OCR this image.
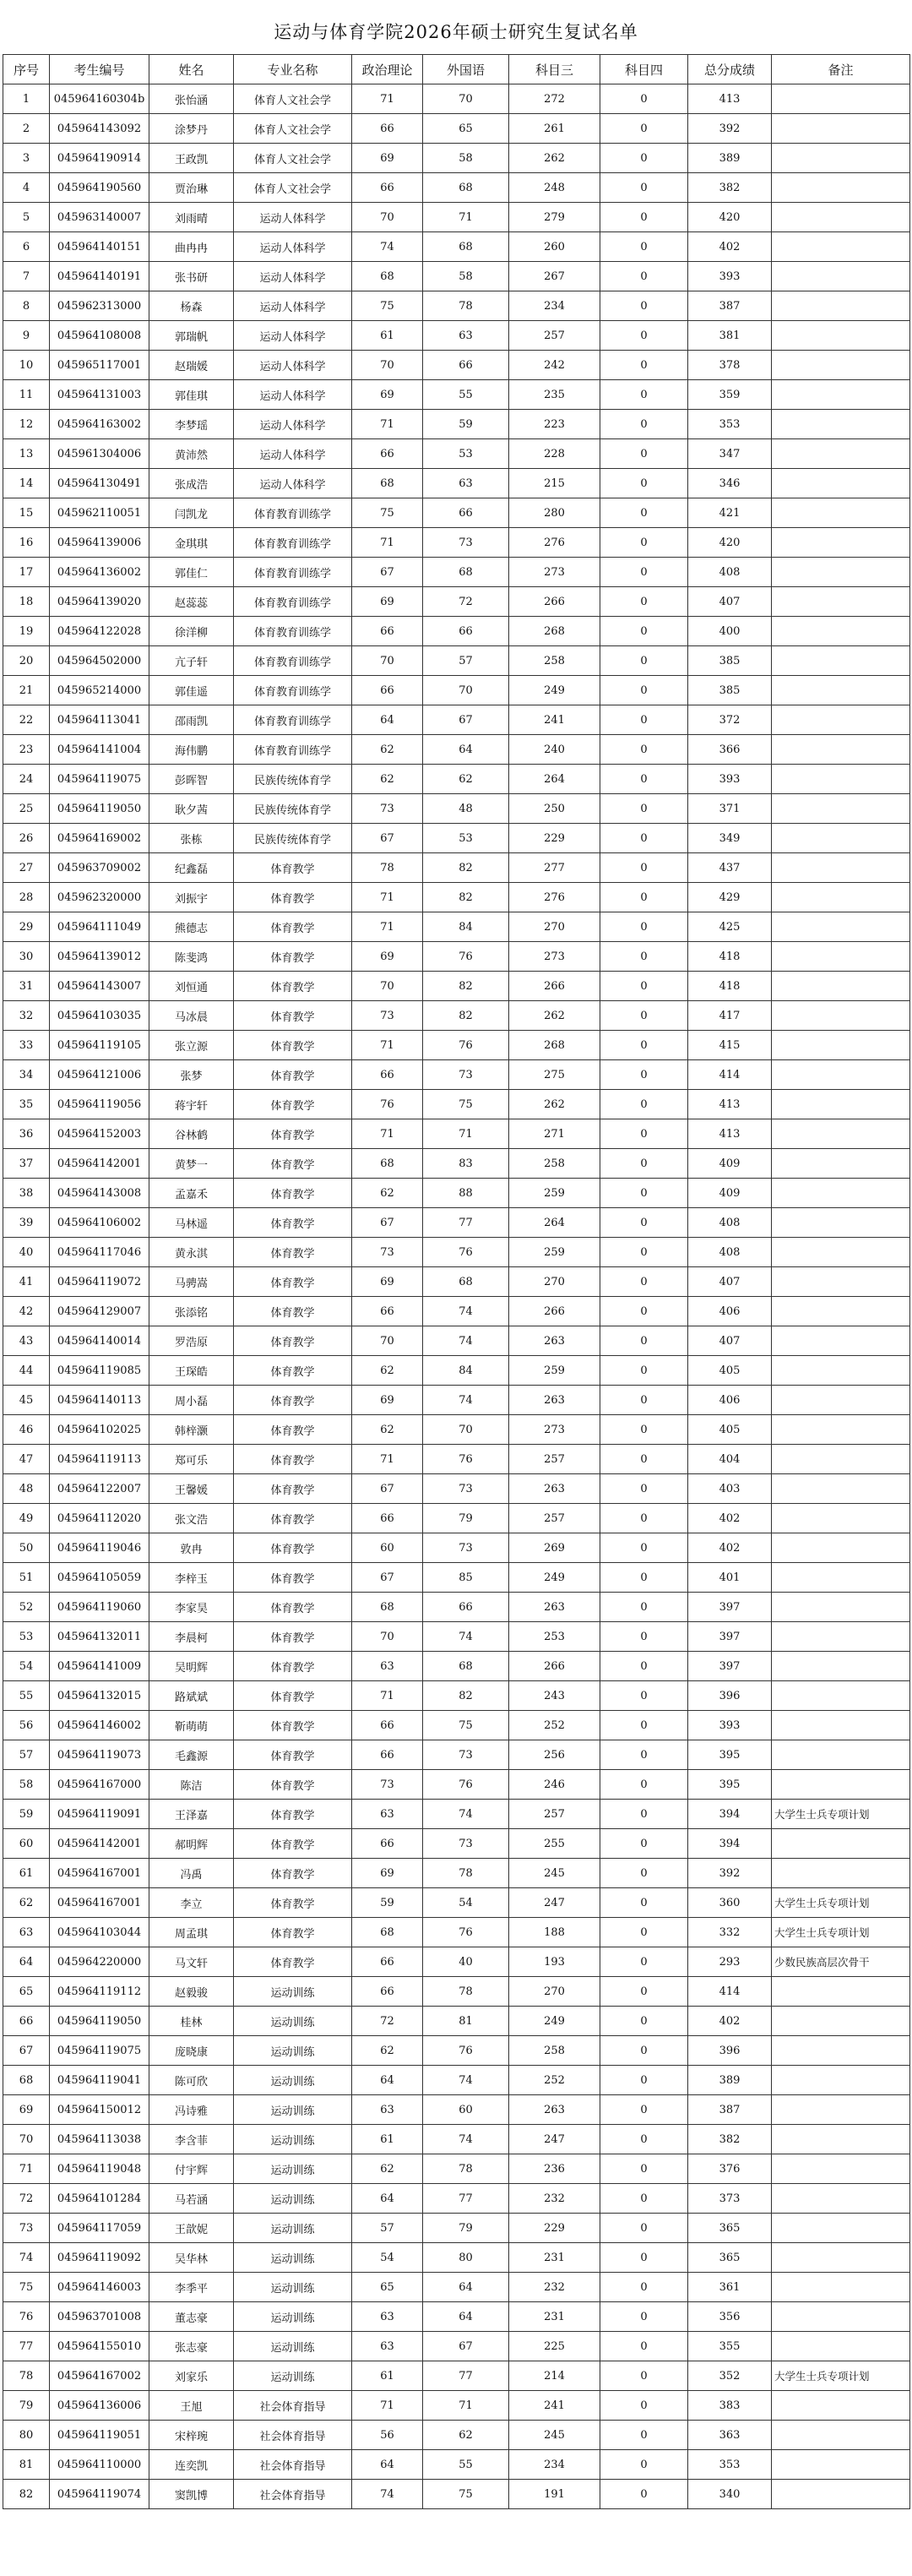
运动与体育学院2026年硕士研究生复试名单
序号	考生编号	姓名	专业名称	政治理论	外国语	科目三	科目四	总分成绩	备注
1	045964160304b	张怡涵	体育人文社会学	71	70	272	0	413	
2	045964143092	涂梦丹	体育人文社会学	66	65	261	0	392	
3	045964190914	王政凯	体育人文社会学	69	58	262	0	389	
4	045964190560	贾治琳	体育人文社会学	66	68	248	0	382	
5	045963140007	刘雨晴	运动人体科学	70	71	279	0	420	
6	045964140151	曲冉冉	运动人体科学	74	68	260	0	402	
7	045964140191	张书研	运动人体科学	68	58	267	0	393	
8	045962313000	杨森	运动人体科学	75	78	234	0	387	
9	045964108008	郭瑞帆	运动人体科学	61	63	257	0	381	
10	045965117001	赵瑞媛	运动人体科学	70	66	242	0	378	
11	045964131003	郭佳琪	运动人体科学	69	55	235	0	359	
12	045964163002	李梦瑶	运动人体科学	71	59	223	0	353	
13	045961304006	黄沛然	运动人体科学	66	53	228	0	347	
14	045964130491	张成浩	运动人体科学	68	63	215	0	346	
15	045962110051	闫凯龙	体育教育训练学	75	66	280	0	421	
16	045964139006	金琪琪	体育教育训练学	71	73	276	0	420	
17	045964136002	郭佳仁	体育教育训练学	67	68	273	0	408	
18	045964139020	赵蕊蕊	体育教育训练学	69	72	266	0	407	
19	045964122028	徐洋柳	体育教育训练学	66	66	268	0	400	
20	045964502000	亢子轩	体育教育训练学	70	57	258	0	385	
21	045965214000	郭佳遥	体育教育训练学	66	70	249	0	385	
22	045964113041	邵雨凯	体育教育训练学	64	67	241	0	372	
23	045964141004	海伟鹏	体育教育训练学	62	64	240	0	366	
24	045964119075	彭晖智	民族传统体育学	62	62	264	0	393	
25	045964119050	耿夕茜	民族传统体育学	73	48	250	0	371	
26	045964169002	张栋	民族传统体育学	67	53	229	0	349	
27	045963709002	纪鑫磊	体育教学	78	82	277	0	437	
28	045962320000	刘振宇	体育教学	71	82	276	0	429	
29	045964111049	熊德志	体育教学	71	84	270	0	425	
30	045964139012	陈斐鸿	体育教学	69	76	273	0	418	
31	045964143007	刘恒通	体育教学	70	82	266	0	418	
32	045964103035	马冰晨	体育教学	73	82	262	0	417	
33	045964119105	张立源	体育教学	71	76	268	0	415	
34	045964121006	张梦	体育教学	66	73	275	0	414	
35	045964119056	蒋宇轩	体育教学	76	75	262	0	413	
36	045964152003	谷林鹤	体育教学	71	71	271	0	413	
37	045964142001	黄梦一	体育教学	68	83	258	0	409	
38	045964143008	孟嘉禾	体育教学	62	88	259	0	409	
39	045964106002	马林遥	体育教学	67	77	264	0	408	
40	045964117046	黄永淇	体育教学	73	76	259	0	408	
41	045964119072	马骋嵩	体育教学	69	68	270	0	407	
42	045964129007	张添铭	体育教学	66	74	266	0	406	
43	045964140014	罗浩原	体育教学	70	74	263	0	407	
44	045964119085	王琛皓	体育教学	62	84	259	0	405	
45	045964140113	周小磊	体育教学	69	74	263	0	406	
46	045964102025	韩梓灏	体育教学	62	70	273	0	405	
47	045964119113	郑可乐	体育教学	71	76	257	0	404	
48	045964122007	王馨媛	体育教学	67	73	263	0	403	
49	045964112020	张文浩	体育教学	66	79	257	0	402	
50	045964119046	敦冉	体育教学	60	73	269	0	402	
51	045964105059	李梓玉	体育教学	67	85	249	0	401	
52	045964119060	李家昊	体育教学	68	66	263	0	397	
53	045964132011	李晨柯	体育教学	70	74	253	0	397	
54	045964141009	吴明辉	体育教学	63	68	266	0	397	
55	045964132015	路斌斌	体育教学	71	82	243	0	396	
56	045964146002	靳萌萌	体育教学	66	75	252	0	393	
57	045964119073	毛鑫源	体育教学	66	73	256	0	395	
58	045964167000	陈洁	体育教学	73	76	246	0	395	
59	045964119091	王泽嘉	体育教学	63	74	257	0	394	大学生士兵专项计划
60	045964142001	郝明辉	体育教学	66	73	255	0	394	
61	045964167001	冯禹	体育教学	69	78	245	0	392	
62	045964167001	李立	体育教学	59	54	247	0	360	大学生士兵专项计划
63	045964103044	周孟琪	体育教学	68	76	188	0	332	大学生士兵专项计划
64	045964220000	马文轩	体育教学	66	40	193	0	293	少数民族高层次骨干
65	045964119112	赵毅骏	运动训练	66	78	270	0	414	
66	045964119050	桂林	运动训练	72	81	249	0	402	
67	045964119075	庞晓康	运动训练	62	76	258	0	396	
68	045964119041	陈可欣	运动训练	64	74	252	0	389	
69	045964150012	冯诗雅	运动训练	63	60	263	0	387	
70	045964113038	李含菲	运动训练	61	74	247	0	382	
71	045964119048	付宇辉	运动训练	62	78	236	0	376	
72	045964101284	马若涵	运动训练	64	77	232	0	373	
73	045964117059	王歆妮	运动训练	57	79	229	0	365	
74	045964119092	吴华林	运动训练	54	80	231	0	365	
75	045964146003	李季平	运动训练	65	64	232	0	361	
76	045963701008	董志豪	运动训练	63	64	231	0	356	
77	045964155010	张志豪	运动训练	63	67	225	0	355	
78	045964167002	刘家乐	运动训练	61	77	214	0	352	大学生士兵专项计划
79	045964136006	王旭	社会体育指导	71	71	241	0	383	
80	045964119051	宋梓琬	社会体育指导	56	62	245	0	363	
81	045964110000	连奕凯	社会体育指导	64	55	234	0	353	
82	045964119074	窦凯博	社会体育指导	74	75	191	0	340	
